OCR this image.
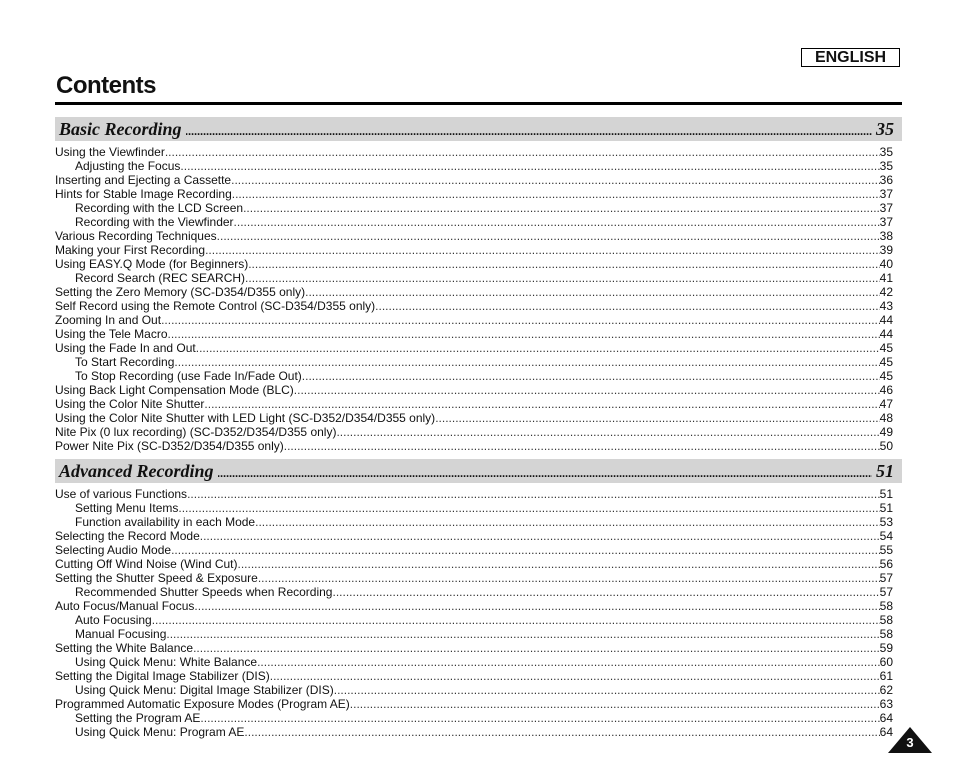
ENGLISH
Contents
Basic Recording .....	35
Using the Viewfinder .....	35
Adjusting the Focus .....	35
Inserting and Ejecting a Cassette .....	36
Hints for Stable Image Recording .....	37
Recording with the LCD Screen .....	37
Recording with the Viewfinder .....	37
Various Recording Techniques .....	38
Making your First Recording .....	39
Using EASY.Q Mode (for Beginners) .....	40
Record Search (REC SEARCH) .....	41
Setting the Zero Memory (SC-D354/D355 only) .....	42
Self Record using the Remote Control (SC-D354/D355 only) .....	43
Zooming In and Out .....	44
Using the Tele Macro .....	44
Using the Fade In and Out .....	45
To Start Recording .....	45
To Stop Recording (use Fade In/Fade Out) .....	45
Using Back Light Compensation Mode (BLC) .....	46
Using the Color Nite Shutter .....	47
Using the Color Nite Shutter with LED Light (SC-D352/D354/D355 only) .....	48
Nite Pix (0 lux recording) (SC-D352/D354/D355 only) .....	49
Power Nite Pix (SC-D352/D354/D355 only) .....	50
Advanced Recording .....	51
Use of various Functions .....	51
Setting Menu Items .....	51
Function availability in each Mode .....	53
Selecting the Record Mode .....	54
Selecting Audio Mode .....	55
Cutting Off Wind Noise (Wind Cut) .....	56
Setting the Shutter Speed & Exposure .....	57
Recommended Shutter Speeds when Recording .....	57
Auto Focus/Manual Focus .....	58
Auto Focusing .....	58
Manual Focusing .....	58
Setting the White Balance .....	59
Using Quick Menu: White Balance .....	60
Setting the Digital Image Stabilizer (DIS) .....	61
Using Quick Menu: Digital Image Stabilizer (DIS) .....	62
Programmed Automatic Exposure Modes (Program AE) .....	63
Setting the Program AE .....	64
Using Quick Menu: Program AE .....	64
3
